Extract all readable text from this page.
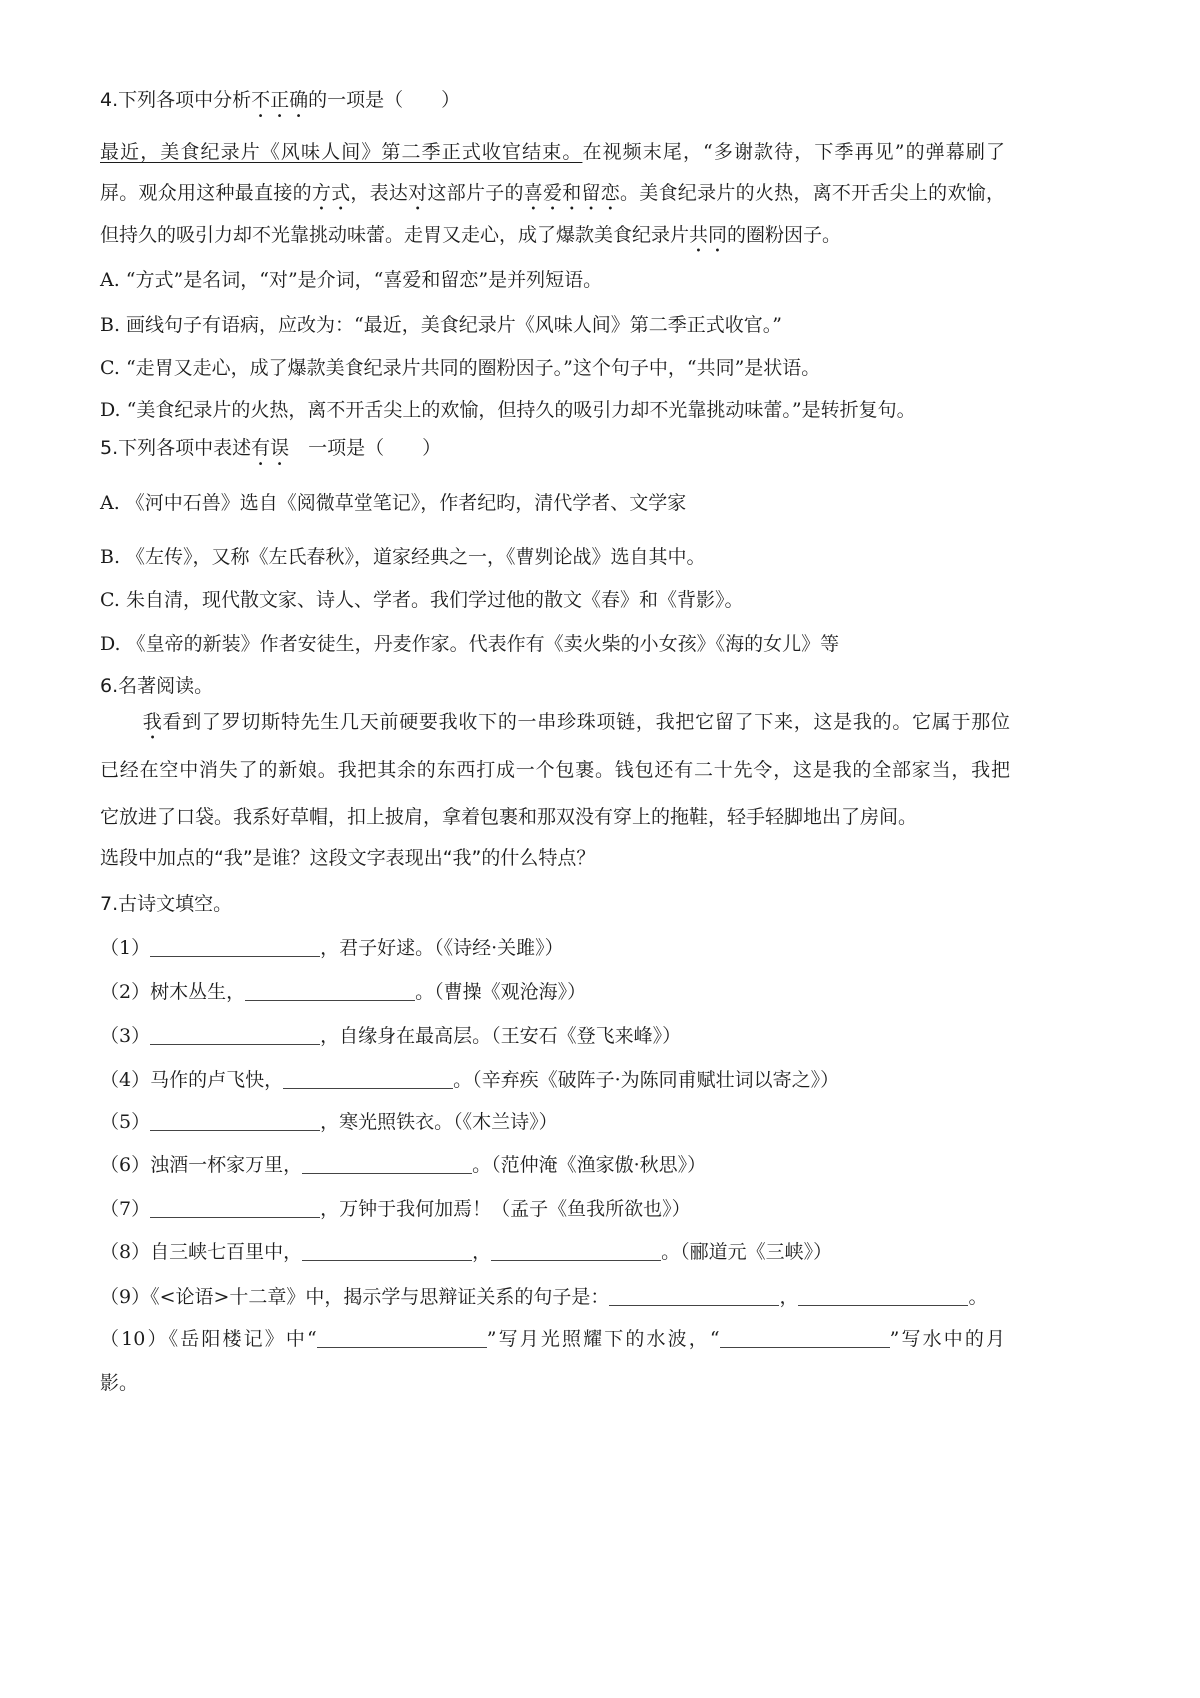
4.下列各项中分析不正确的一项是（　　）
最近，美食纪录片《风味人间》第二季正式收官结束。在视频末尾，“多谢款待，下季再见”的弹幕刷了
屏。观众用这种最直接的方式，表达对这部片子的喜爱和留恋。美食纪录片的火热，离不开舌尖上的欢愉，
但持久的吸引力却不光靠挑动味蕾。走胃又走心，成了爆款美食纪录片共同的圈粉因子。
A. “方式”是名词，“对”是介词，“喜爱和留恋”是并列短语。
B. 画线句子有语病，应改为：“最近，美食纪录片《风味人间》第二季正式收官。”
C. “走胃又走心，成了爆款美食纪录片共同的圈粉因子。”这个句子中，“共同”是状语。
D. “美食纪录片的火热，离不开舌尖上的欢愉，但持久的吸引力却不光靠挑动味蕾。”是转折复句。
5.下列各项中表述有误　一项是（　　）
A. 《河中石兽》选自《阅微草堂笔记》，作者纪昀，清代学者、文学家
B. 《左传》，又称《左氏春秋》，道家经典之一，《曹刿论战》选自其中。
C. 朱自清，现代散文家、诗人、学者。我们学过他的散文《春》和《背影》。
D. 《皇帝的新装》作者安徒生，丹麦作家。代表作有《卖火柴的小女孩》《海的女儿》等
6.名著阅读。
我看到了罗切斯特先生几天前硬要我收下的一串珍珠项链，我把它留了下来，这是我的。它属于那位
已经在空中消失了的新娘。我把其余的东西打成一个包裹。钱包还有二十先令，这是我的全部家当，我把
它放进了口袋。我系好草帽，扣上披肩，拿着包裹和那双没有穿上的拖鞋，轻手轻脚地出了房间。
选段中加点的“我”是谁？这段文字表现出“我”的什么特点？
7.古诗文填空。
（1）	，君子好逑。（《诗经·关雎》）
（2）树木丛生，	。（曹操《观沧海》）
（3）	，自缘身在最高层。（王安石《登飞来峰》）
（4）马作的卢飞快，	。（辛弃疾《破阵子·为陈同甫赋壮词以寄之》）
（5）	，寒光照铁衣。（《木兰诗》）
（6）浊酒一杯家万里，	。（范仲淹《渔家傲·秋思》）
（7）	，万钟于我何加焉！（孟子《鱼我所欲也》）
（8）自三峡七百里中，	，	。（郦道元《三峡》）
（9）《<论语>十二章》中，揭示学与思辩证关系的句子是：	，	。
（10）《岳阳楼记》中“	”写月光照耀下的水波，“	”写水中的月
影。
